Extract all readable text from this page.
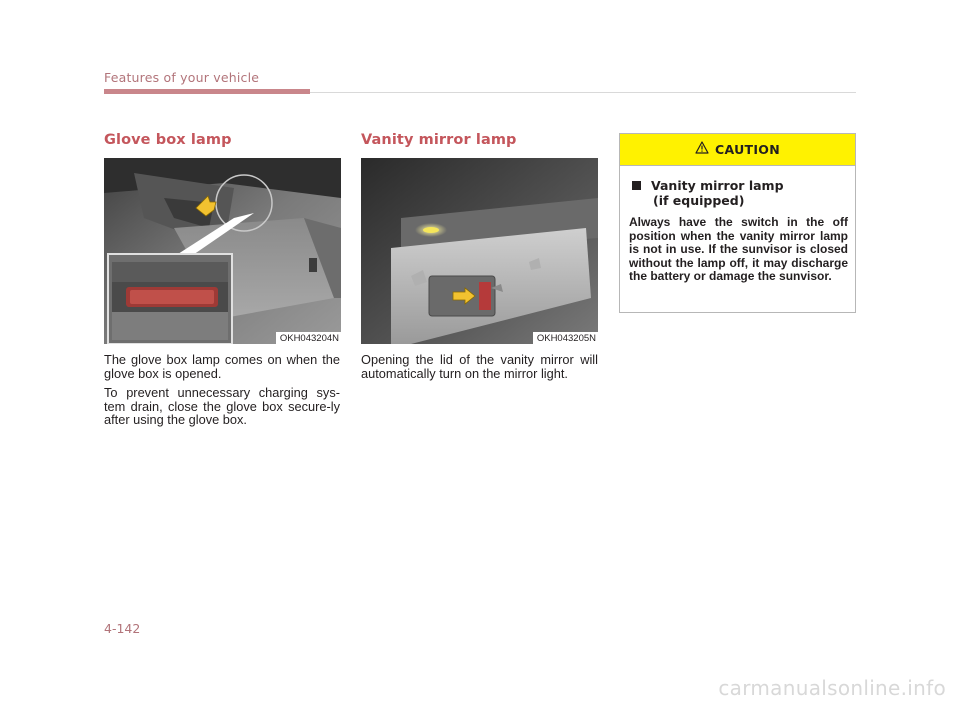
Features of your vehicle
Glove box lamp
OKH043204N

The glove box lamp comes on when the glove box is opened.

To prevent unnecessary charging sys-tem drain, close the glove box secure-ly after using the glove box.

Vanity mirror lamp
OKH043205N

Opening the lid of the vanity mirror will automatically turn on the mirror light.

CAUTION
Vanity mirror lamp
(if equipped)
Always have the switch in the off position when the vanity mirror lamp is not in use. If the sunvisor is closed without the lamp off, it may discharge the battery or damage the sunvisor.
4-142
carmanualsonline.info
